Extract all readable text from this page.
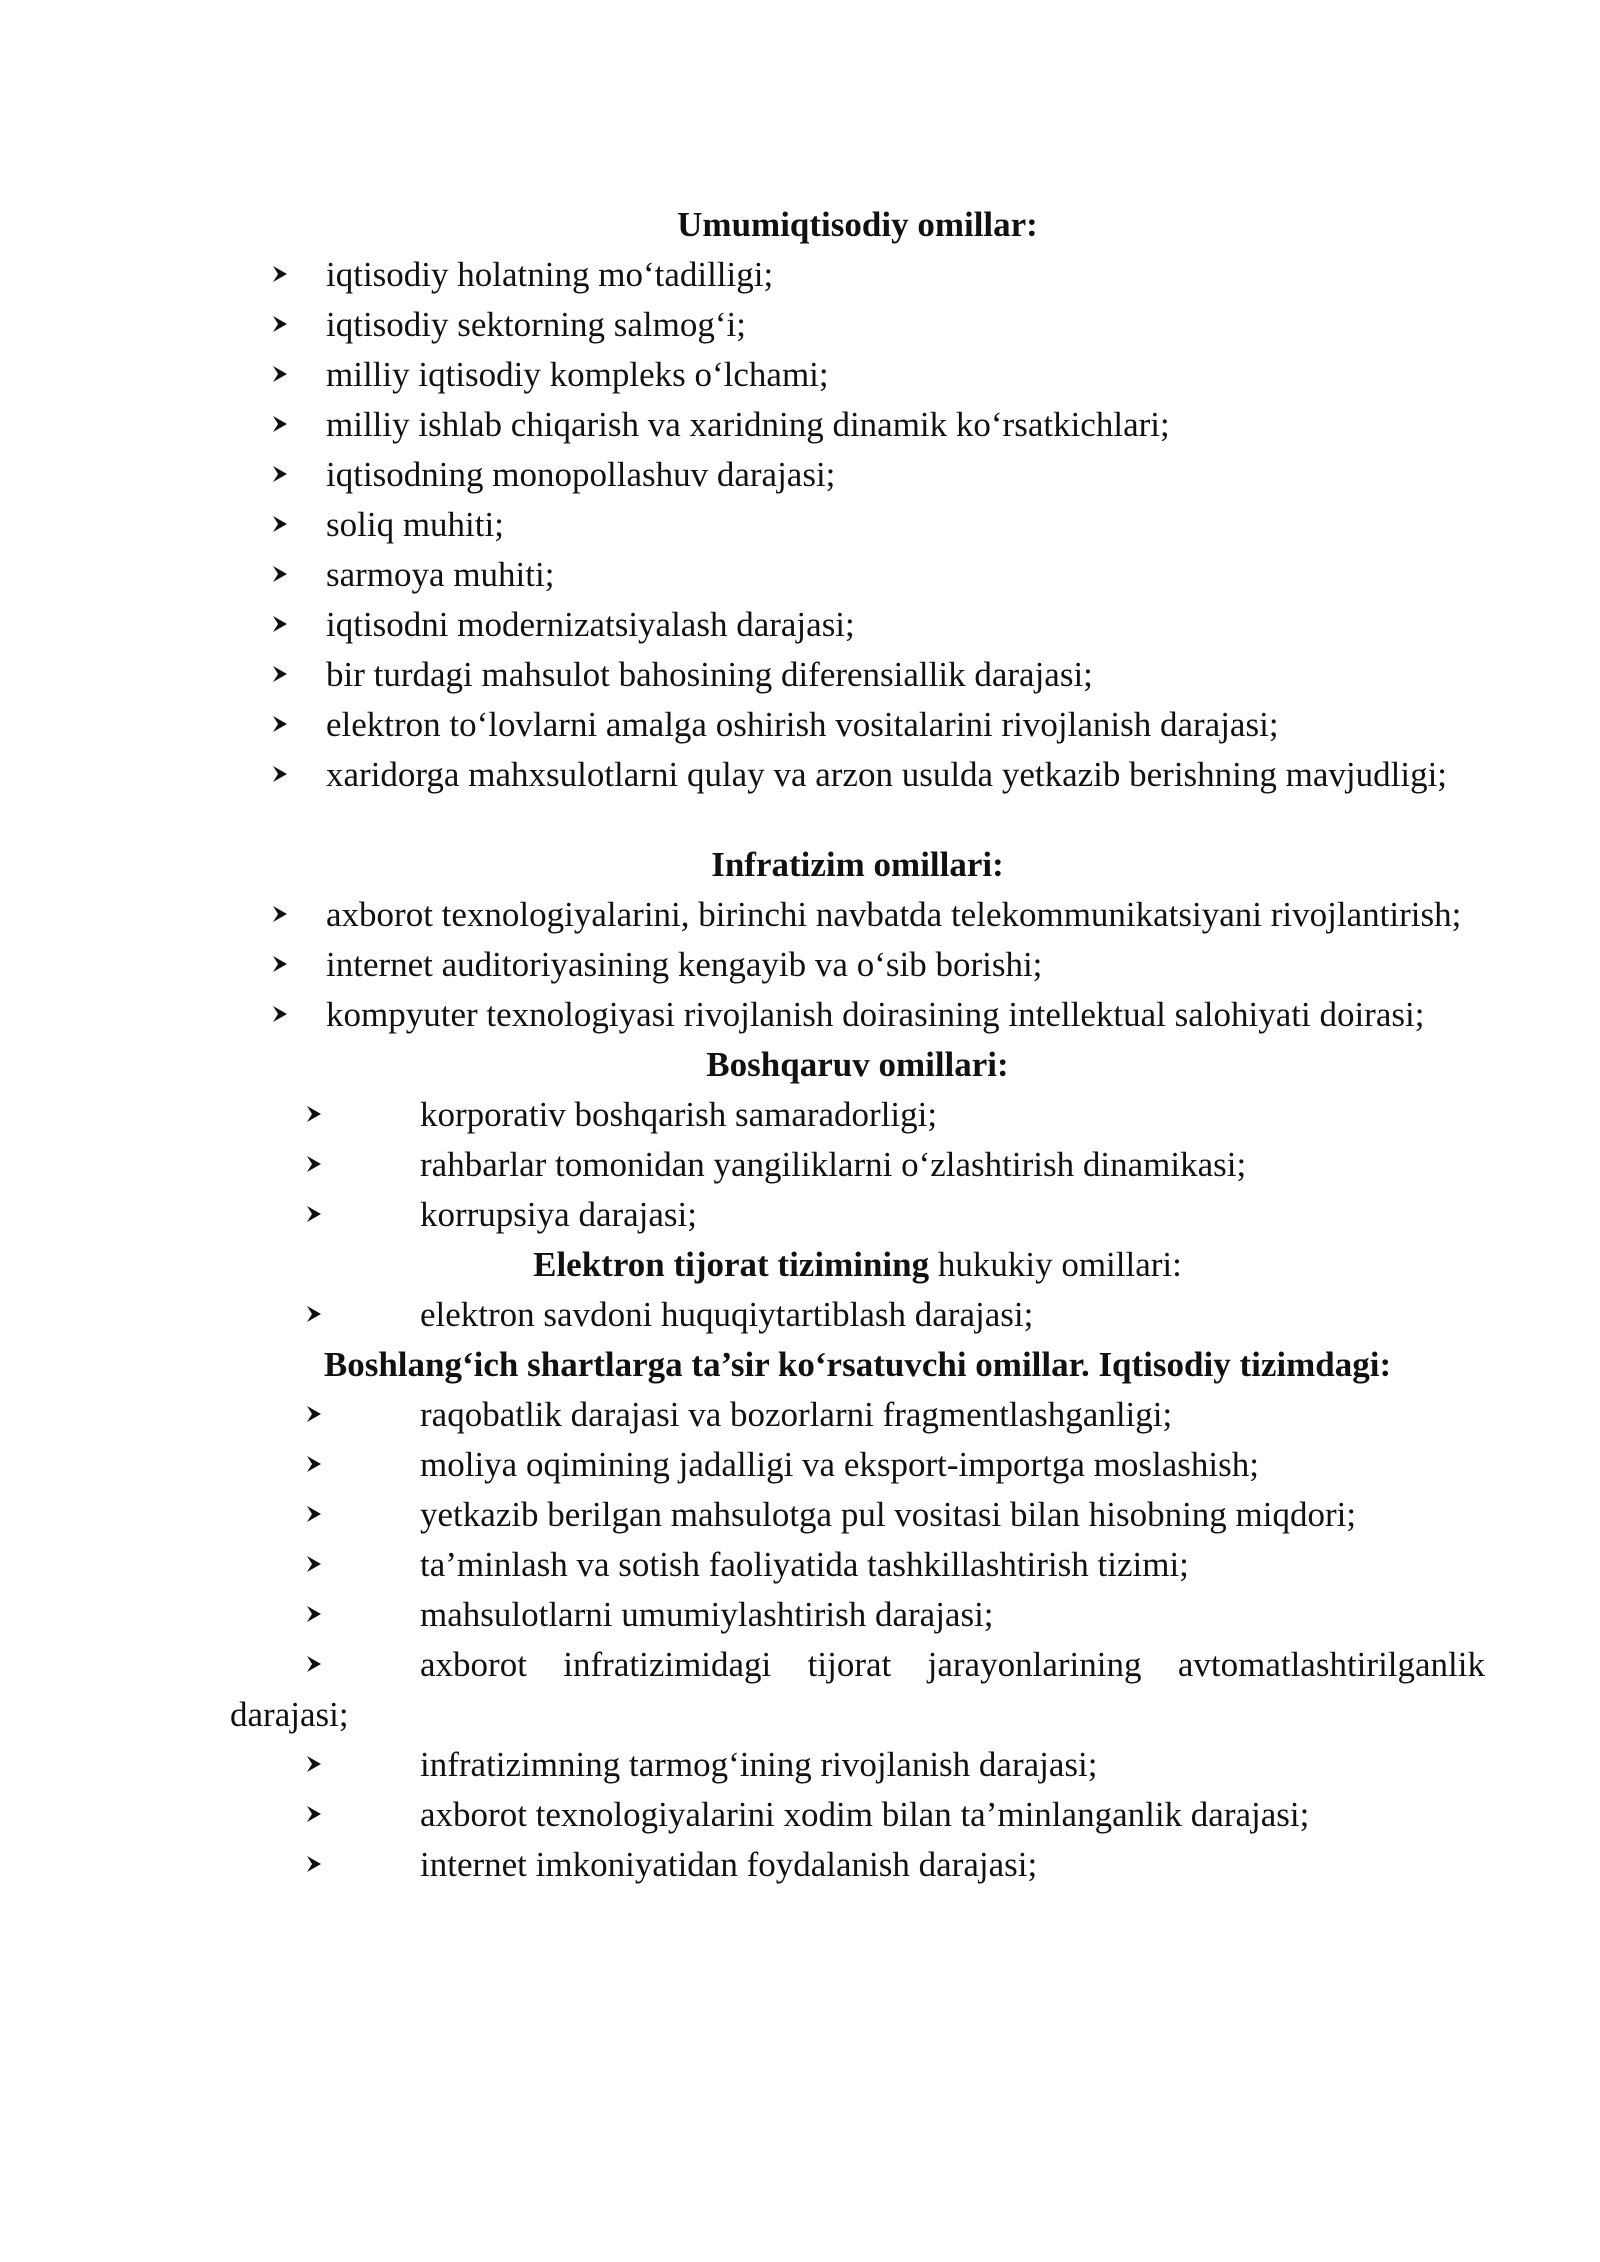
Umumiqtisodiy omillar:
iqtisodiy holatning mo‘tadilligi;
iqtisodiy sektorning salmog‘i;
milliy iqtisodiy kompleks o‘lchami;
milliy ishlab chiqarish va xaridning dinamik ko‘rsatkichlari;
iqtisodning monopollashuv darajasi;
soliq muhiti;
sarmoya muhiti;
iqtisodni modernizatsiyalash darajasi;
bir turdagi mahsulot bahosining diferensiallik darajasi;
elektron to‘lovlarni amalga oshirish vositalarini rivojlanish darajasi;
xaridorga mahxsulotlarni qulay va arzon usulda yetkazib berishning mavjudligi;
Infratizim omillari:
axborot texnologiyalarini, birinchi navbatda telekommunikatsiyani rivojlantirish;
internet auditoriyasining kengayib va o‘sib borishi;
kompyuter texnologiyasi rivojlanish doirasining intellektual salohiyati doirasi;
Boshqaruv omillari:
korporativ boshqarish samaradorligi;
rahbarlar tomonidan yangiliklarni o‘zlashtirish dinamikasi;
korrupsiya darajasi;
Elektron tijorat tizimining hukukiy omillari:
elektron savdoni huquqiytartiblash darajasi;
Boshlang‘ich shartlarga ta’sir ko‘rsatuvchi omillar. Iqtisodiy tizimdagi:
raqobatlik darajasi va bozorlarni fragmentlashganligi;
moliya oqimining jadalligi va eksport-importga moslashish;
yetkazib berilgan mahsulotga pul vositasi bilan hisobning miqdori;
ta’minlash va sotish faoliyatida tashkillashtirish tizimi;
mahsulotlarni umumiylashtirish darajasi;
axborot infratizimidagi tijorat jarayonlarining avtomatlashtirilganlik darajasi;
infratizimning tarmog‘ining rivojlanish darajasi;
axborot texnologiyalarini xodim bilan ta’minlanganlik darajasi;
internet imkoniyatidan foydalanish darajasi;
